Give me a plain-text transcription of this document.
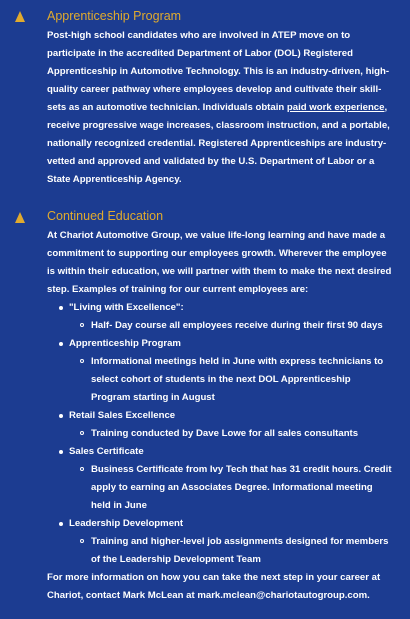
Apprenticeship Program

Post-high school candidates who are involved in ATEP move on to participate in the accredited Department of Labor (DOL) Registered Apprenticeship in Automotive Technology. This is an industry-driven, high-quality career pathway where employees develop and cultivate their skill-sets as an automotive technician. Individuals obtain paid work experience, receive progressive wage increases, classroom instruction, and a portable, nationally recognized credential. Registered Apprenticeships are industry-vetted and approved and validated by the U.S. Department of Labor or a State Apprenticeship Agency.

Continued Education

At Chariot Automotive Group, we value life-long learning and have made a commitment to supporting our employees growth. Wherever the employee is within their education, we will partner with them to make the next desired step. Examples of training for our current employees are:

"Living with Excellence":
Half- Day course all employees receive during their first 90 days
Apprenticeship Program
Informational meetings held in June with express technicians to select cohort of students in the next DOL Apprenticeship Program starting in August
Retail Sales Excellence
Training conducted by Dave Lowe for all sales consultants
Sales Certificate
Business Certificate from Ivy Tech that has 31 credit hours. Credit apply to earning an Associates Degree. Informational meeting held in June
Leadership Development
Training and higher-level job assignments designed for members of the Leadership Development Team

For more information on how you can take the next step in your career at Chariot, contact Mark McLean at mark.mclean@chariotautogroup.com.
